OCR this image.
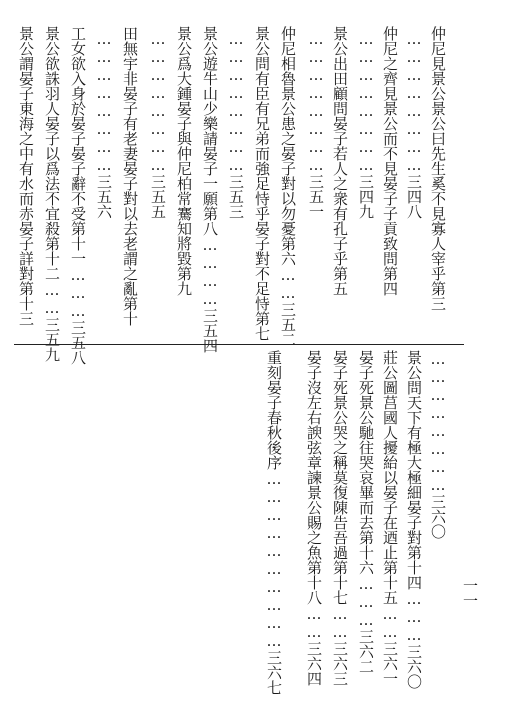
仲尼見景公景公曰先生奚不見寡人宰乎第三
……………………三四八
仲尼之齊見景公而不見晏子子貢致問第四
……………………三四九
景公出田顧問晏子若人之衆有孔子乎第五
……………………三五一
仲尼相魯景公患之晏子對以勿憂第六……三五二
景公問有臣有兄弟而強足恃乎晏子對不足恃第七
……………………三五三
景公遊牛山少樂請晏子一願第八…………三五四
景公爲大鍾晏子與仲尼柏常騫知將毀第九
……………………三五五
田無宇非晏子有老妻晏子對以去老謂之亂第十
……………………三五六
工女欲入身於晏子晏子辭不受第十一………三五八
景公欲誅羽人晏子以爲法不宜殺第十二……三五九
景公謂晏子東海之中有水而赤晏子詳對第十三
……………………三六〇
景公問天下有極大極細晏子對第十四………三六〇
莊公圖莒國人擾紿以晏子在迺止第十五……三六一
晏子死景公馳往哭哀畢而去第十六………三六二
晏子死景公哭之稱莫復陳告吾過第十七……三六三
晏子沒左右諛弦章諫景公賜之魚第十八……三六四
重刻晏子春秋後序…………………………三六七	一一
